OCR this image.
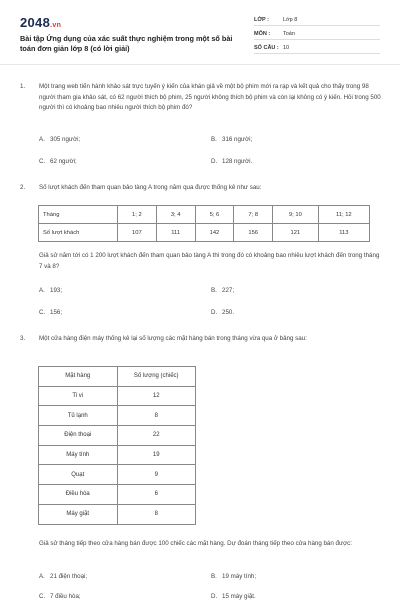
2048.vn
Bài tập Ứng dụng của xác suất thực nghiệm trong một số bài toán đơn giản lớp 8 (có lời giải)
LỚP :	Lớp 8
MÔN : Toán
SỐ CÂU : 10
1. Một trang web tiến hành khảo sát trực tuyến ý kiến của khán giả về một bộ phim mới ra rạp và kết quả cho thấy trong 98 người tham gia khảo sát, có 62 người thích bộ phim, 25 người không thích bộ phim và còn lại không có ý kiến. Hỏi trong 500 người thì có khoảng bao nhiêu người thích bộ phim đó?
A. 305 người;	B. 316 người;
C. 62 người;	D. 128 người.
2. Số lượt khách đến tham quan bảo tàng A trong năm qua được thống kê như sau:
Tháng	1; 2	3; 4	5; 6	7; 8	9; 10	11; 12
Số lượt khách	107	111	142	156	121	113
Giả sử năm tới có 1 200 lượt khách đến tham quan bảo tàng A thì trong đó có khoảng bao nhiêu lượt khách đến trong tháng 7 và 8?
A. 193;	B. 227;
C. 156;	D. 250.
3. Một cửa hàng điện máy thống kê lại số lượng các mặt hàng bán trong tháng vừa qua ở bảng sau:
Mặt hàng	Số lượng (chiếc)
Ti vi	12
Tủ lạnh	8
Điện thoại	22
Máy tính	19
Quạt	9
Điều hòa	6
Máy giặt	8
Giả sử tháng tiếp theo cửa hàng bán được 100 chiếc các mặt hàng. Dự đoán tháng tiếp theo cửa hàng bán được:
A. 21 điện thoại;	B. 19 máy tính;
C. 7 điều hòa;	D. 15 máy giặt.
